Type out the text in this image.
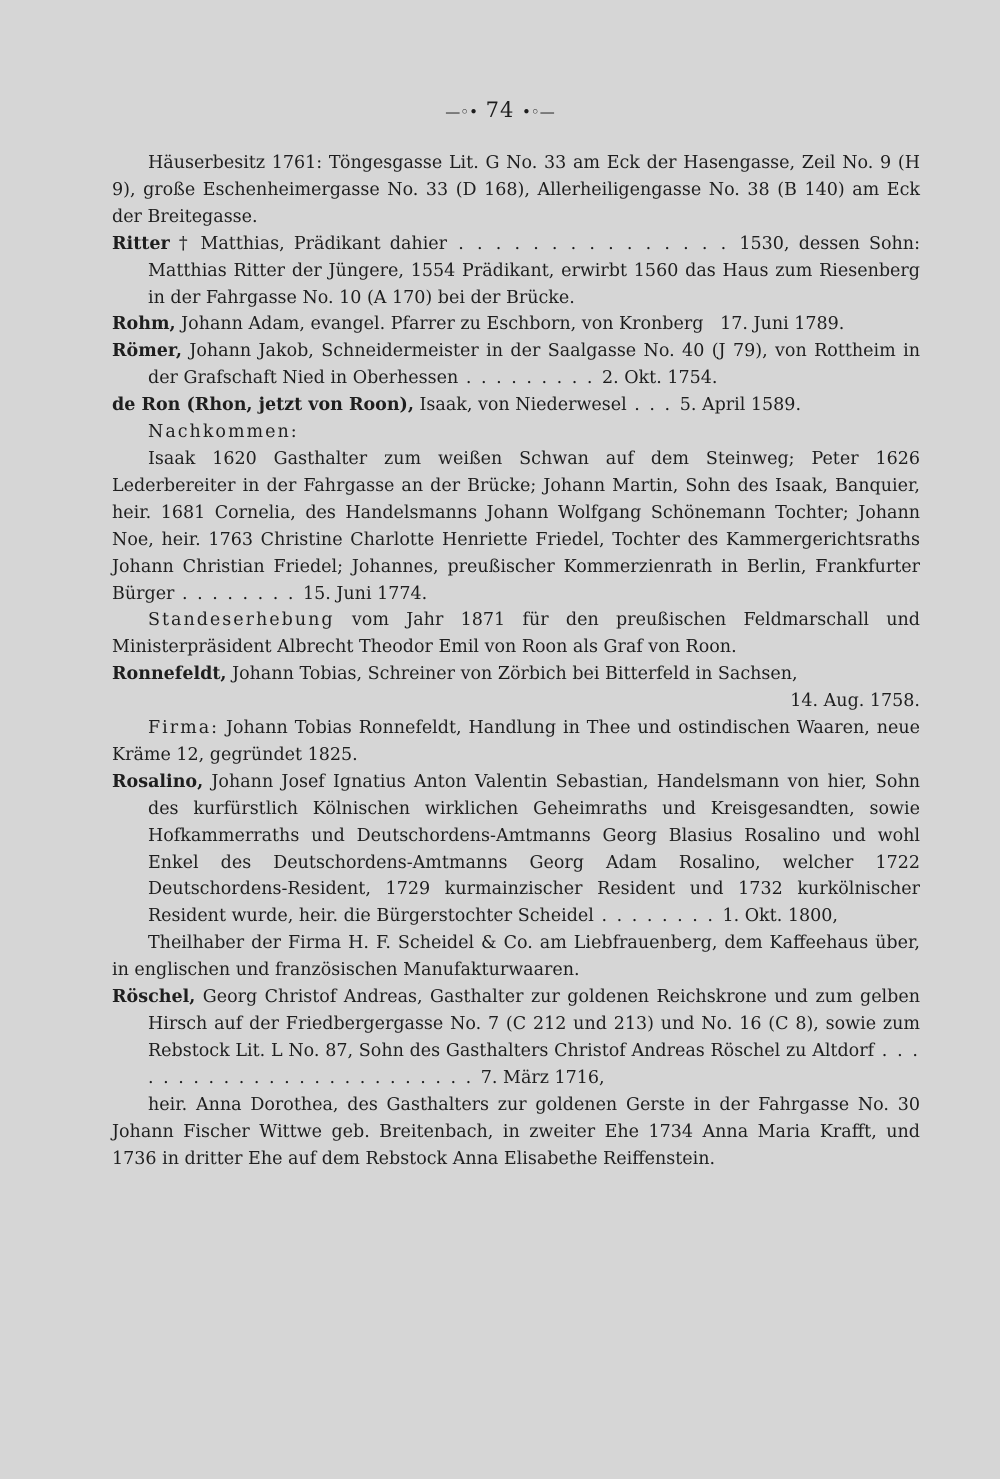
—◦• 74 •◦—

Häuserbesitz 1761: Töngesgasse Lit. G No. 33 am Eck der Hasengasse, Zeil No. 9 (H 9), große Eschenheimergasse No. 33 (D 168), Allerheiligengasse No. 38 (B 140) am Eck der Breitegasse.

Ritter † Matthias, Prädikant dahier . . . . . . . . . . . . . . . 1530, dessen Sohn: Matthias Ritter der Jüngere, 1554 Prädikant, erwirbt 1560 das Haus zum Riesenberg in der Fahrgasse No. 10 (A 170) bei der Brücke.

Rohm, Johann Adam, evangel. Pfarrer zu Eschborn, von Kronberg 17. Juni 1789.

Römer, Johann Jakob, Schneidermeister in der Saalgasse No. 40 (J 79), von Rottheim in der Grafschaft Nied in Oberhessen . . . . . . . . . 2. Okt. 1754.

de Ron (Rhon, jetzt von Roon), Isaak, von Niederwesel . . . 5. April 1589.

Nachkommen:

Isaak 1620 Gasthalter zum weißen Schwan auf dem Steinweg; Peter 1626 Lederbereiter in der Fahrgasse an der Brücke; Johann Martin, Sohn des Isaak, Banquier, heir. 1681 Cornelia, des Handelsmanns Johann Wolfgang Schönemann Tochter; Johann Noe, heir. 1763 Christine Charlotte Henriette Friedel, Tochter des Kammergerichtsraths Johann Christian Friedel; Johannes, preußischer Kommerzienrath in Berlin, Frankfurter Bürger . . . . . . . . 15. Juni 1774.

Standeserhebung vom Jahr 1871 für den preußischen Feldmarschall und Ministerpräsident Albrecht Theodor Emil von Roon als Graf von Roon.

Ronnefeldt, Johann Tobias, Schreiner von Zörbich bei Bitterfeld in Sachsen,

14. Aug. 1758.

Firma: Johann Tobias Ronnefeldt, Handlung in Thee und ostindischen Waaren, neue Kräme 12, gegründet 1825.

Rosalino, Johann Josef Ignatius Anton Valentin Sebastian, Handelsmann von hier, Sohn des kurfürstlich Kölnischen wirklichen Geheimraths und Kreisgesandten, sowie Hofkammerraths und Deutschordens-Amtmanns Georg Blasius Rosalino und wohl Enkel des Deutschordens-Amtmanns Georg Adam Rosalino, welcher 1722 Deutschordens-Resident, 1729 kurmainzischer Resident und 1732 kurkölnischer Resident wurde, heir. die Bürgerstochter Scheidel . . . . . . . . 1. Okt. 1800,

Theilhaber der Firma H. F. Scheidel & Co. am Liebfrauenberg, dem Kaffeehaus über, in englischen und französischen Manufakturwaaren.

Röschel, Georg Christof Andreas, Gasthalter zur goldenen Reichskrone und zum gelben Hirsch auf der Friedbergergasse No. 7 (C 212 und 213) und No. 16 (C 8), sowie zum Rebstock Lit. L No. 87, Sohn des Gasthalters Christof Andreas Röschel zu Altdorf . . . . . . . . . . . . . . . . . . . . . . . . . 7. März 1716,

heir. Anna Dorothea, des Gasthalters zur goldenen Gerste in der Fahrgasse No. 30 Johann Fischer Wittwe geb. Breitenbach, in zweiter Ehe 1734 Anna Maria Krafft, und 1736 in dritter Ehe auf dem Rebstock Anna Elisabethe Reiffenstein.
